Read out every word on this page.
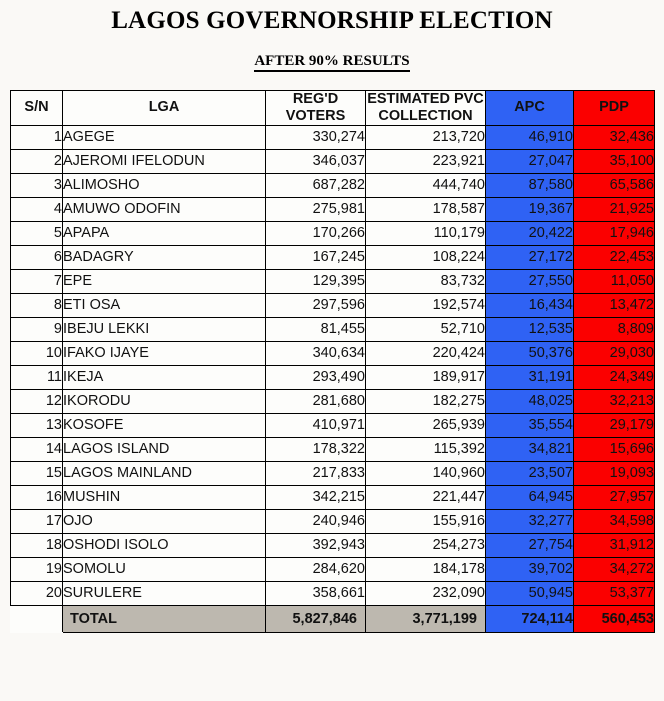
LAGOS GOVERNORSHIP ELECTION
AFTER 90% RESULTS
S/N	LGA	REG'D VOTERS	ESTIMATED PVC COLLECTION	APC	PDP
1	AGEGE	330,274	213,720	46,910	32,436
2	AJEROMI IFELODUN	346,037	223,921	27,047	35,100
3	ALIMOSHO	687,282	444,740	87,580	65,586
4	AMUWO ODOFIN	275,981	178,587	19,367	21,925
5	APAPA	170,266	110,179	20,422	17,946
6	BADAGRY	167,245	108,224	27,172	22,453
7	EPE	129,395	83,732	27,550	11,050
8	ETI OSA	297,596	192,574	16,434	13,472
9	IBEJU LEKKI	81,455	52,710	12,535	8,809
10	IFAKO IJAYE	340,634	220,424	50,376	29,030
11	IKEJA	293,490	189,917	31,191	24,349
12	IKORODU	281,680	182,275	48,025	32,213
13	KOSOFE	410,971	265,939	35,554	29,179
14	LAGOS ISLAND	178,322	115,392	34,821	15,696
15	LAGOS MAINLAND	217,833	140,960	23,507	19,093
16	MUSHIN	342,215	221,447	64,945	27,957
17	OJO	240,946	155,916	32,277	34,598
18	OSHODI ISOLO	392,943	254,273	27,754	31,912
19	SOMOLU	284,620	184,178	39,702	34,272
20	SURULERE	358,661	232,090	50,945	53,377
	TOTAL	5,827,846	3,771,199	724,114	560,453
